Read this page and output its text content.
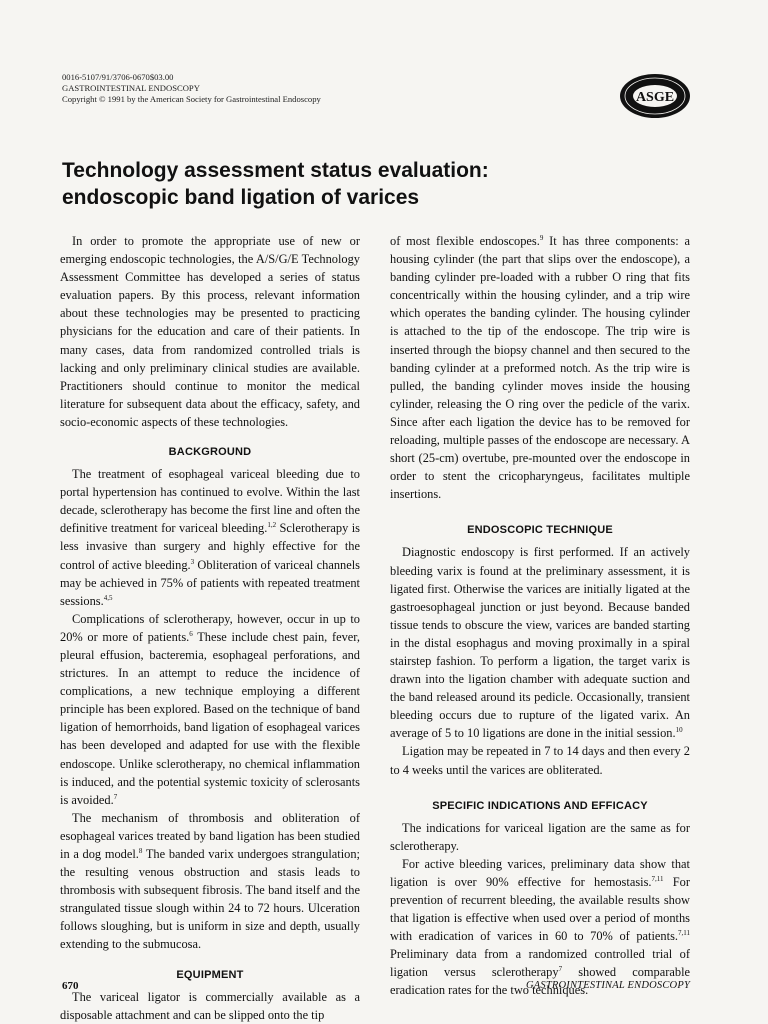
0016-5107/91/3706-0670$03.00
GASTROINTESTINAL ENDOSCOPY
Copyright © 1991 by the American Society for Gastrointestinal Endoscopy	ASGE
Technology assessment status evaluation:
endoscopic band ligation of varices

In order to promote the appropriate use of new or emerging endoscopic technologies, the A/S/G/E Technology Assessment Committee has developed a series of status evaluation papers. By this process, relevant information about these technologies may be presented to practicing physicians for the education and care of their patients. In many cases, data from randomized controlled trials is lacking and only preliminary clinical studies are available. Practitioners should continue to monitor the medical literature for subsequent data about the efficacy, safety, and socio-economic aspects of these technologies.

BACKGROUND

The treatment of esophageal variceal bleeding due to portal hypertension has continued to evolve. Within the last decade, sclerotherapy has become the first line and often the definitive treatment for variceal bleeding.$^{1,2}$ Sclerotherapy is less invasive than surgery and highly effective for the control of active bleeding.$^3$ Obliteration of variceal channels may be achieved in 75% of patients with repeated treatment sessions.$^{4,5}$

Complications of sclerotherapy, however, occur in up to 20% or more of patients.$^6$ These include chest pain, fever, pleural effusion, bacteremia, esophageal perforations, and strictures. In an attempt to reduce the incidence of complications, a new technique employing a different principle has been explored. Based on the technique of band ligation of hemorrhoids, band ligation of esophageal varices has been developed and adapted for use with the flexible endoscope. Unlike sclerotherapy, no chemical inflammation is induced, and the potential systemic toxicity of sclerosants is avoided.$^7$

The mechanism of thrombosis and obliteration of esophageal varices treated by band ligation has been studied in a dog model.$^8$ The banded varix undergoes strangulation; the resulting venous obstruction and stasis leads to thrombosis with subsequent fibrosis. The band itself and the strangulated tissue slough within 24 to 72 hours. Ulceration follows sloughing, but is uniform in size and depth, usually extending to the submucosa.

EQUIPMENT

The variceal ligator is commercially available as a disposable attachment and can be slipped onto the tip

of most flexible endoscopes.$^9$ It has three components: a housing cylinder (the part that slips over the endoscope), a banding cylinder pre-loaded with a rubber O ring that fits concentrically within the housing cylinder, and a trip wire which operates the banding cylinder. The housing cylinder is attached to the tip of the endoscope. The trip wire is inserted through the biopsy channel and then secured to the banding cylinder at a preformed notch. As the trip wire is pulled, the banding cylinder moves inside the housing cylinder, releasing the O ring over the pedicle of the varix. Since after each ligation the device has to be removed for reloading, multiple passes of the endoscope are necessary. A short (25-cm) overtube, pre-mounted over the endoscope in order to stent the cricopharyngeus, facilitates multiple insertions.

ENDOSCOPIC TECHNIQUE

Diagnostic endoscopy is first performed. If an actively bleeding varix is found at the preliminary assessment, it is ligated first. Otherwise the varices are initially ligated at the gastroesophageal junction or just beyond. Because banded tissue tends to obscure the view, varices are banded starting in the distal esophagus and moving proximally in a spiral stairstep fashion. To perform a ligation, the target varix is drawn into the ligation chamber with adequate suction and the band released around its pedicle. Occasionally, transient bleeding occurs due to rupture of the ligated varix. An average of 5 to 10 ligations are done in the initial session.$^{10}$

Ligation may be repeated in 7 to 14 days and then every 2 to 4 weeks until the varices are obliterated.

SPECIFIC INDICATIONS AND EFFICACY

The indications for variceal ligation are the same as for sclerotherapy.

For active bleeding varices, preliminary data show that ligation is over 90% effective for hemostasis.$^{7,11}$ For prevention of recurrent bleeding, the available results show that ligation is effective when used over a period of months with eradication of varices in 60 to 70% of patients.$^{7,11}$ Preliminary data from a randomized controlled trial of ligation versus sclerotherapy$^7$ showed comparable eradication rates for the two techniques.

670	GASTROINTESTINAL ENDOSCOPY
